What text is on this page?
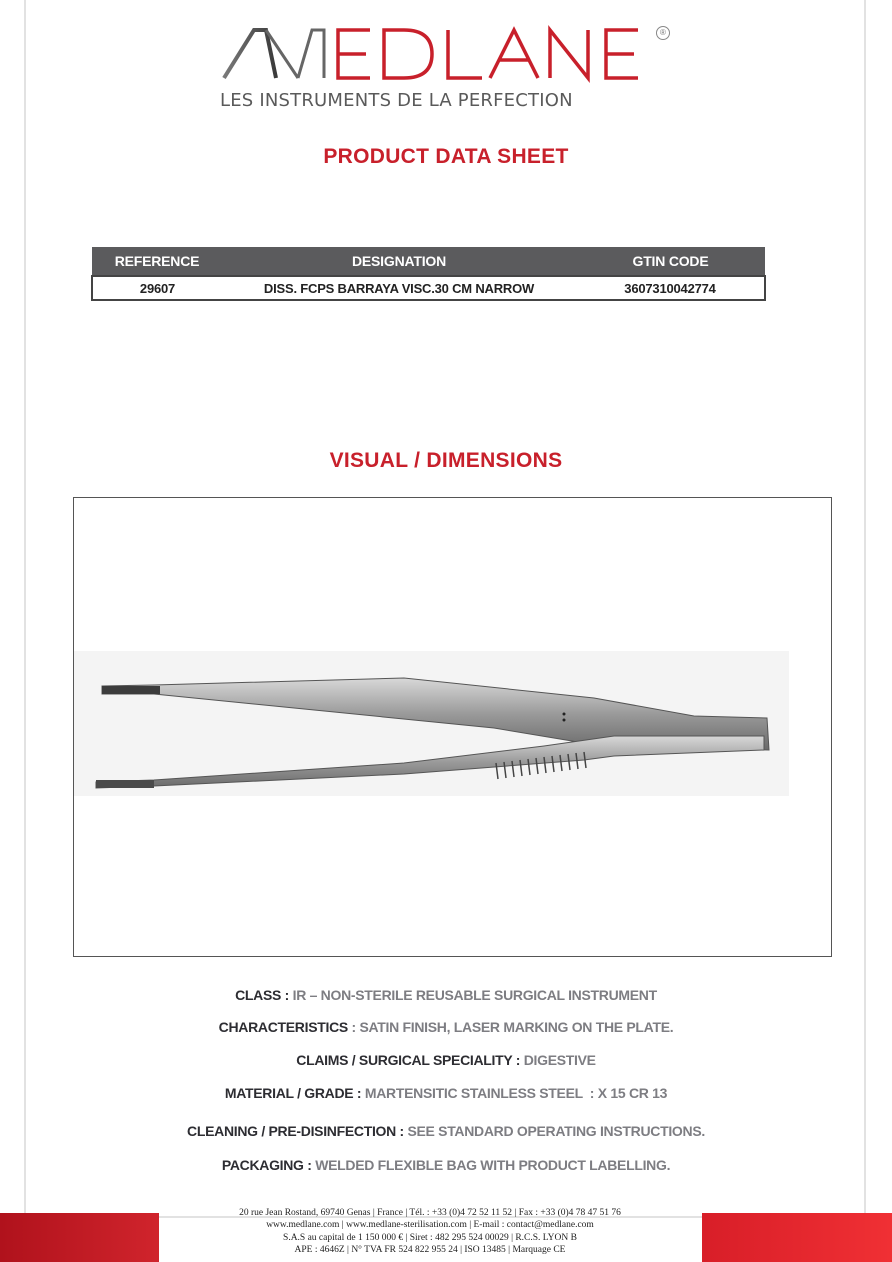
®
LES INSTRUMENTS DE LA PERFECTION
PRODUCT DATA SHEET
REFERENCE	DESIGNATION	GTIN CODE
29607	DISS. FCPS BARRAYA VISC.30 CM NARROW	3607310042774
VISUAL / DIMENSIONS
CLASS : IR – NON-STERILE REUSABLE SURGICAL INSTRUMENT
CHARACTERISTICS : SATIN FINISH, LASER MARKING ON THE PLATE.
CLAIMS / SURGICAL SPECIALITY : DIGESTIVE
MATERIAL / GRADE : MARTENSITIC STAINLESS STEEL  : X 15 CR 13
CLEANING / PRE-DISINFECTION : SEE STANDARD OPERATING INSTRUCTIONS.
PACKAGING : WELDED FLEXIBLE BAG WITH PRODUCT LABELLING.
20 rue Jean Rostand, 69740 Genas | France | Tél. : +33 (0)4 72 52 11 52 | Fax : +33 (0)4 78 47 51 76
www.medlane.com | www.medlane-sterilisation.com | E-mail : contact@medlane.com
S.A.S au capital de 1 150 000 € | Siret : 482 295 524 00029 | R.C.S. LYON B
APE : 4646Z | N° TVA FR 524 822 955 24 | ISO 13485 | Marquage CE
